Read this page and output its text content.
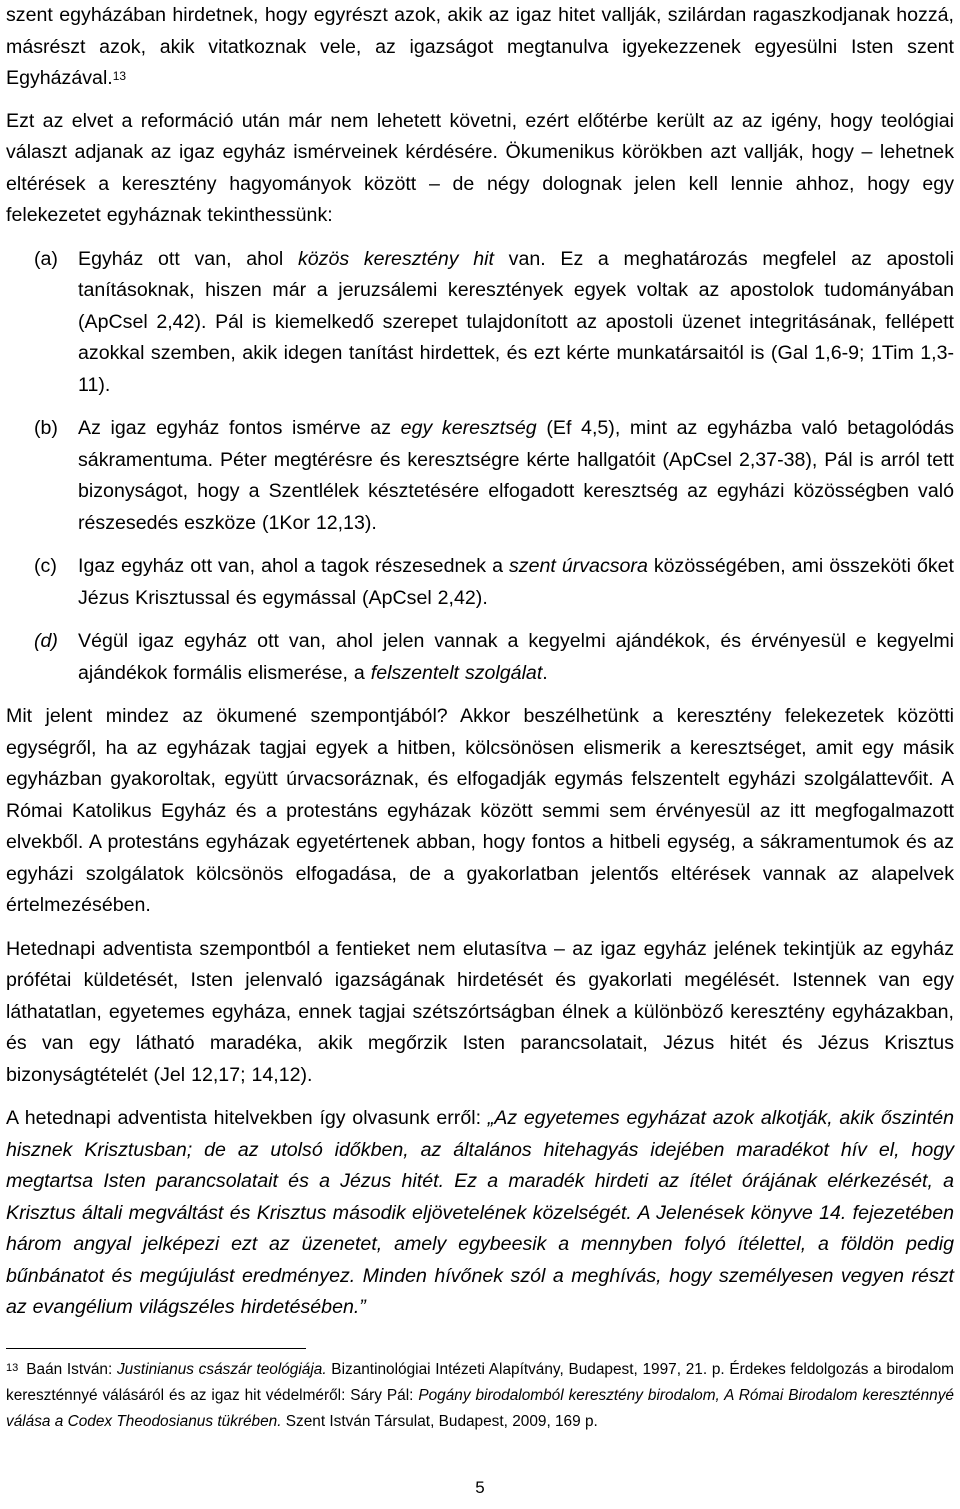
szent egyházában hirdetnek, hogy egyrészt azok, akik az igaz hitet vallják, szilárdan ragaszkodjanak hozzá, másrészt azok, akik vitatkoznak vele, az igazságot megtanulva igyekezzenek egyesülni Isten szent Egyházával.$^{13}$

Ezt az elvet a reformáció után már nem lehetett követni, ezért előtérbe került az az igény, hogy teológiai választ adjanak az igaz egyház ismérveinek kérdésére. Ökumenikus körökben azt vallják, hogy – lehetnek eltérések a keresztény hagyományok között – de négy dolognak jelen kell lennie ahhoz, hogy egy felekezetet egyháznak tekinthessünk:

(a) Egyház ott van, ahol közös keresztény hit van. Ez a meghatározás megfelel az apostoli tanításoknak, hiszen már a jeruzsálemi keresztények egyek voltak az apostolok tudományában (ApCsel 2,42). Pál is kiemelkedő szerepet tulajdonított az apostoli üzenet integritásának, fellépett azokkal szemben, akik idegen tanítást hirdettek, és ezt kérte munkatársaitól is (Gal 1,6-9; 1Tim 1,3-11).

(b) Az igaz egyház fontos ismérve az egy keresztség (Ef 4,5), mint az egyházba való betagolódás sákramentuma. Péter megtérésre és keresztségre kérte hallgatóit (ApCsel 2,37-38), Pál is arról tett bizonyságot, hogy a Szentlélek késztetésére elfogadott keresztség az egyházi közösségben való részesedés eszköze (1Kor 12,13).

(c) Igaz egyház ott van, ahol a tagok részesednek a szent úrvacsora közösségében, ami összeköti őket Jézus Krisztussal és egymással (ApCsel 2,42).

(d) Végül igaz egyház ott van, ahol jelen vannak a kegyelmi ajándékok, és érvényesül e kegyelmi ajándékok formális elismerése, a felszentelt szolgálat.

Mit jelent mindez az ökumené szempontjából? Akkor beszélhetünk a keresztény felekezetek közötti egységről, ha az egyházak tagjai egyek a hitben, kölcsönösen elismerik a keresztséget, amit egy másik egyházban gyakoroltak, együtt úrvacsoráznak, és elfogadják egymás felszentelt egyházi szolgálattevőit. A Római Katolikus Egyház és a protestáns egyházak között semmi sem érvényesül az itt megfogalmazott elvekből. A protestáns egyházak egyetértenek abban, hogy fontos a hitbeli egység, a sákramentumok és az egyházi szolgálatok kölcsönös elfogadása, de a gyakorlatban jelentős eltérések vannak az alapelvek értelmezésében.

Hetednapi adventista szempontból a fentieket nem elutasítva – az igaz egyház jelének tekintjük az egyház prófétai küldetését, Isten jelenvaló igazságának hirdetését és gyakorlati megélését. Istennek van egy láthatatlan, egyetemes egyháza, ennek tagjai szétszórtságban élnek a különböző keresztény egyházakban, és van egy látható maradéka, akik megőrzik Isten parancsolatait, Jézus hitét és Jézus Krisztus bizonyságtételét (Jel 12,17; 14,12).

A hetednapi adventista hitelvekben így olvasunk erről: „Az egyetemes egyházat azok alkotják, akik őszintén hisznek Krisztusban; de az utolsó időkben, az általános hitehagyás idejében maradékot hív el, hogy megtartsa Isten parancsolatait és a Jézus hitét. Ez a maradék hirdeti az ítélet órájának elérkezését, a Krisztus általi megváltást és Krisztus második eljövetelének közelségét. A Jelenések könyve 14. fejezetében három angyal jelképezi ezt az üzenetet, amely egybeesik a mennyben folyó ítélettel, a földön pedig bűnbánatot és megújulást eredményez. Minden hívőnek szól a meghívás, hogy személyesen vegyen részt az evangélium világszéles hirdetésében.”

$^{13}$ Baán István: Justinianus császár teológiája. Bizantinológiai Intézeti Alapítvány, Budapest, 1997, 21. p. Érdekes feldolgozás a birodalom kereszténnyé válásáról és az igaz hit védelméről: Sáry Pál: Pogány birodalomból keresztény birodalom, A Római Birodalom kereszténnyé válása a Codex Theodosianus tükrében. Szent István Társulat, Budapest, 2009, 169 p.

5
